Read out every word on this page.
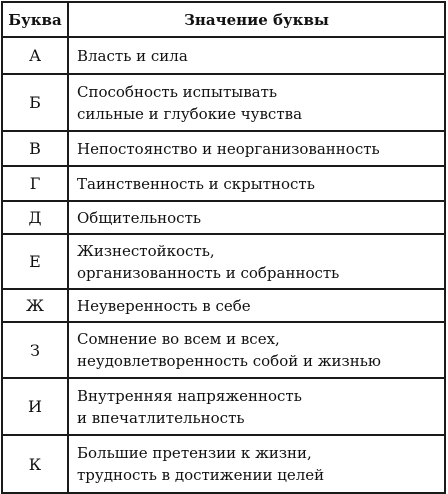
Буква	Значение буквы
А	Власть и сила

Б	Способность испытывать
сильные и глубокие чувства

В	Непостоянство и неорганизованность

Г	Таинственность и скрытность

Д	Общительность

Е	Жизнестойкость,
организованность и собранность

Ж	Неуверенность в себе

З	Сомнение во всем и всех,
неудовлетворенность собой и жизнью

И	Внутренняя напряженность
и впечатлительность

К	Большие претензии к жизни,
трудность в достижении целей
